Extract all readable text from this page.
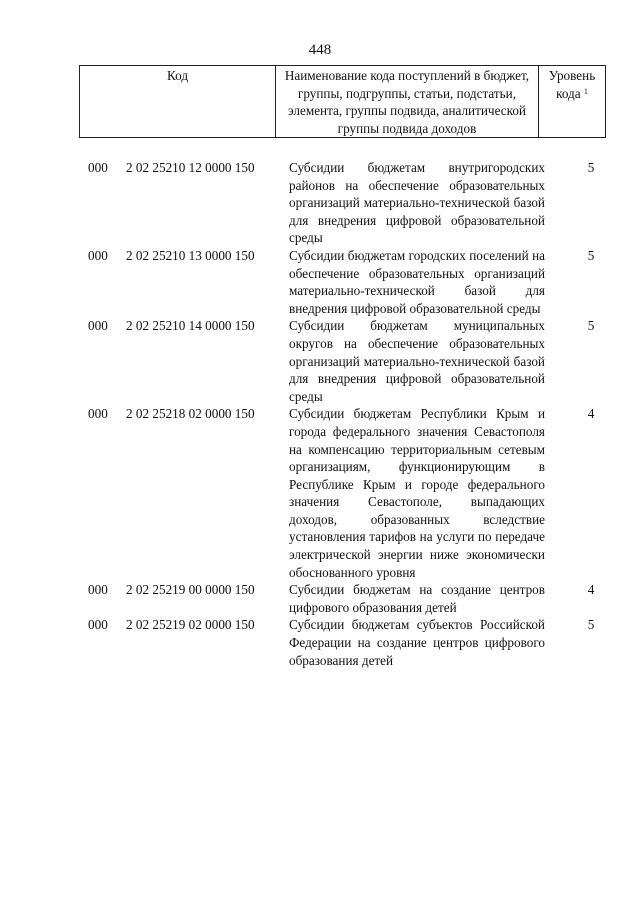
448
Код	Наименование кода поступлений в бюджет, группы, подгруппы, статьи, подстатьи, элемента, группы подвида, аналитической группы подвида доходов	Уровень кода $^1$
000	2 02 25210 12 0000 150	Субсидии бюджетам внутригородских районов на обеспечение образовательных организаций материально-технической базой для внедрения цифровой образовательной среды	5
000	2 02 25210 13 0000 150	Субсидии бюджетам городских поселений на обеспечение образовательных организаций материально-технической базой для внедрения цифровой образовательной среды	5
000	2 02 25210 14 0000 150	Субсидии бюджетам муниципальных округов на обеспечение образовательных организаций материально-технической базой для внедрения цифровой образовательной среды	5
000	2 02 25218 02 0000 150	Субсидии бюджетам Республики Крым и города федерального значения Севастополя на компенсацию территориальным сетевым организациям, функционирующим в Республике Крым и городе федерального значения Севастополе, выпадающих доходов, образованных вследствие установления тарифов на услуги по передаче электрической энергии ниже экономически обоснованного уровня	4
000	2 02 25219 00 0000 150	Субсидии бюджетам на создание центров цифрового образования детей	4
000	2 02 25219 02 0000 150	Субсидии бюджетам субъектов Российской Федерации на создание центров цифрового образования детей	5
